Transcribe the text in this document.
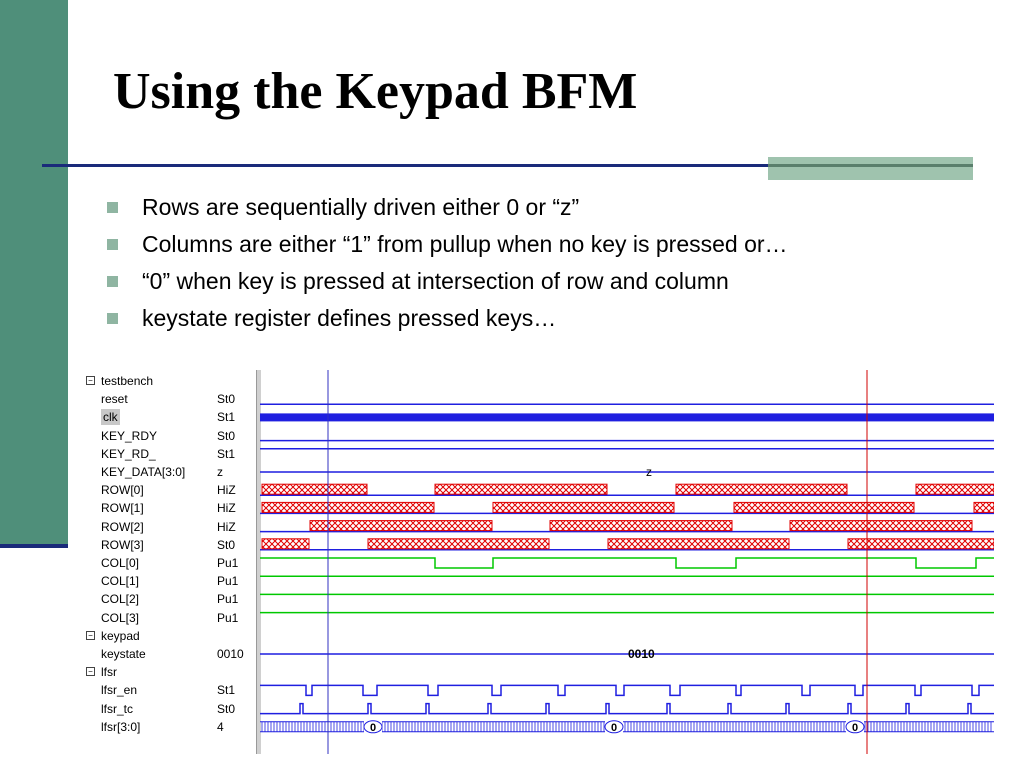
Using the Keypad BFM
Rows are sequentially driven either 0 or “z”
Columns are either “1” from pullup when no key is pressed or…
“0” when key is pressed at intersection of row and column
keystate register defines pressed keys…
− testbench
reset	St0
clk	St1
KEY_RDY	St0
KEY_RD_	St1
KEY_DATA[3:0]	z
ROW[0]	HiZ
ROW[1]	HiZ
ROW[2]	HiZ
ROW[3]	St0
COL[0]	Pu1
COL[1]	Pu1
COL[2]	Pu1
COL[3]	Pu1
− keypad
keystate	0010
− lfsr
lfsr_en	St1
lfsr_tc	St0
lfsr[3:0]	4
z
0010
0	0	0
